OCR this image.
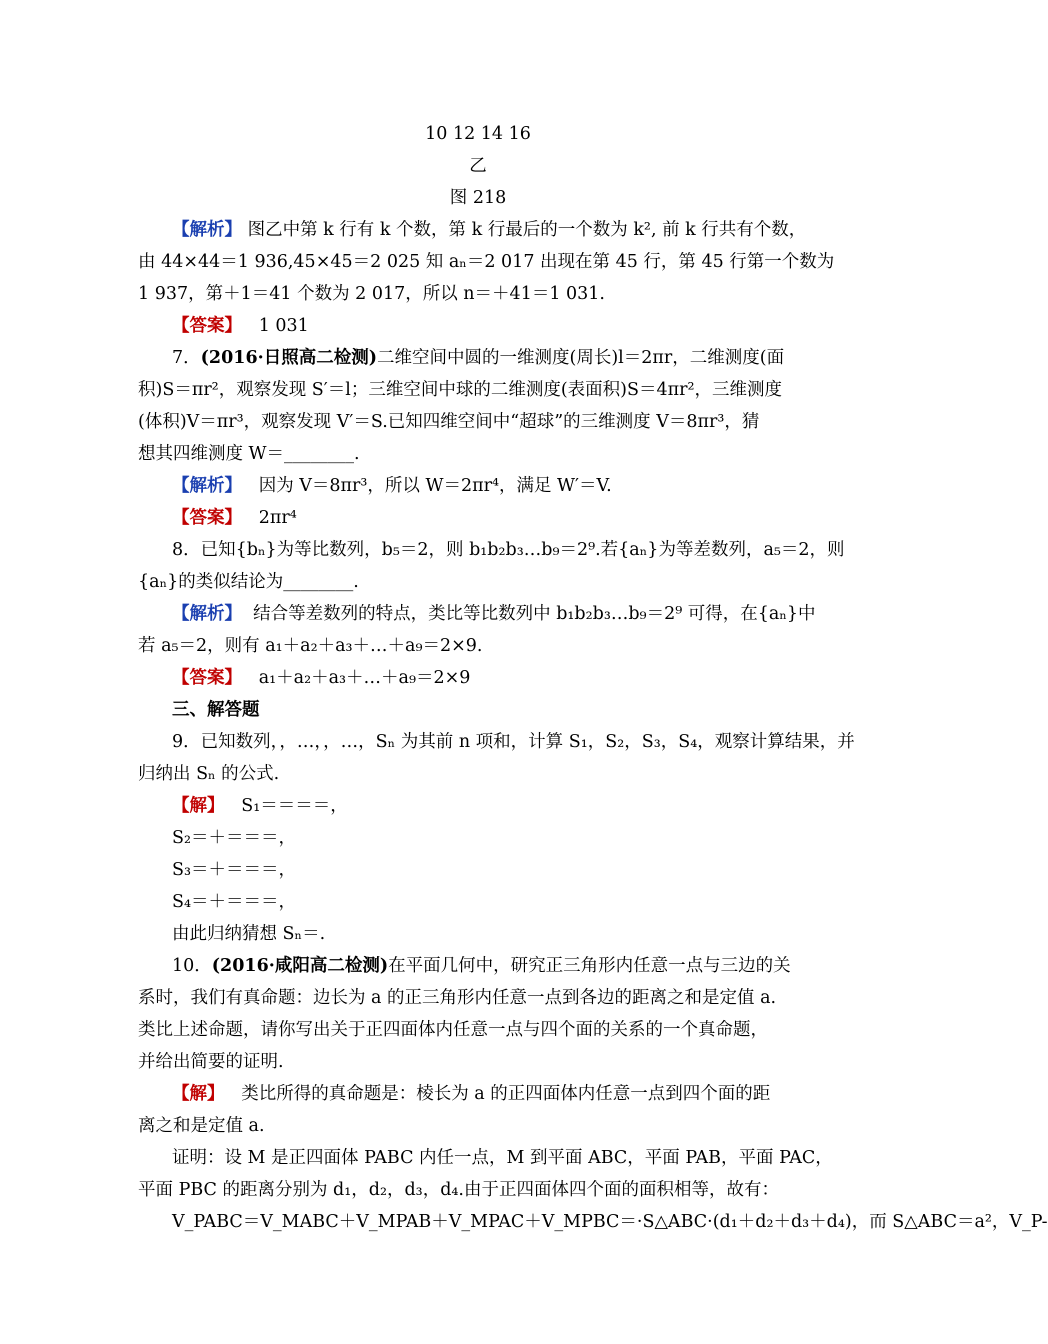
10 12 14 16
乙
图 218
【解析】 图乙中第 k 行有 k 个数，第 k 行最后的一个数为 k², 前 k 行共有个数，
由 44×44＝1 936,45×45＝2 025 知 aₙ＝2 017 出现在第 45 行，第 45 行第一个数为
1 937，第＋1＝41 个数为 2 017，所以 n＝＋41＝1 031.
【答案】 1 031
7．(2016·日照高二检测)二维空间中圆的一维测度(周长)l＝2πr，二维测度(面
积)S＝πr²，观察发现 S′＝l；三维空间中球的二维测度(表面积)S＝4πr²，三维测度
(体积)V＝πr³，观察发现 V′＝S.已知四维空间中“超球”的三维测度 V＝8πr³，猜
想其四维测度 W＝________.
【解析】 因为 V＝8πr³，所以 W＝2πr⁴，满足 W′＝V.
【答案】 2πr⁴
8．已知{bₙ}为等比数列，b₅＝2，则 b₁b₂b₃…b₉＝2⁹.若{aₙ}为等差数列，a₅＝2，则
{aₙ}的类似结论为________.
【解析】 结合等差数列的特点，类比等比数列中 b₁b₂b₃…b₉＝2⁹ 可得，在{aₙ}中
若 a₅＝2，则有 a₁＋a₂＋a₃＋…＋a₉＝2×9.
【答案】 a₁＋a₂＋a₃＋…＋a₉＝2×9
三、解答题
9．已知数列，，…，，…，Sₙ 为其前 n 项和，计算 S₁，S₂，S₃，S₄，观察计算结果，并
归纳出 Sₙ 的公式.
【解】 S₁＝＝＝＝，
S₂＝＋＝＝＝，
S₃＝＋＝＝＝，
S₄＝＋＝＝＝，
由此归纳猜想 Sₙ＝.
10．(2016·咸阳高二检测)在平面几何中，研究正三角形内任意一点与三边的关
系时，我们有真命题：边长为 a 的正三角形内任意一点到各边的距离之和是定值 a.
类比上述命题，请你写出关于正四面体内任意一点与四个面的关系的一个真命题，
并给出简要的证明.
【解】 类比所得的真命题是：棱长为 a 的正四面体内任意一点到四个面的距
离之和是定值 a.
证明：设 M 是正四面体 PABC 内任一点，M 到平面 ABC，平面 PAB，平面 PAC，
平面 PBC 的距离分别为 d₁，d₂，d₃，d₄.由于正四面体四个面的面积相等，故有：
V_PABC＝V_MABC＋V_MPAB＋V_MPAC＋V_MPBC＝·S△ABC·(d₁＋d₂＋d₃＋d₄)，而 S△ABC＝a²，V_P-
